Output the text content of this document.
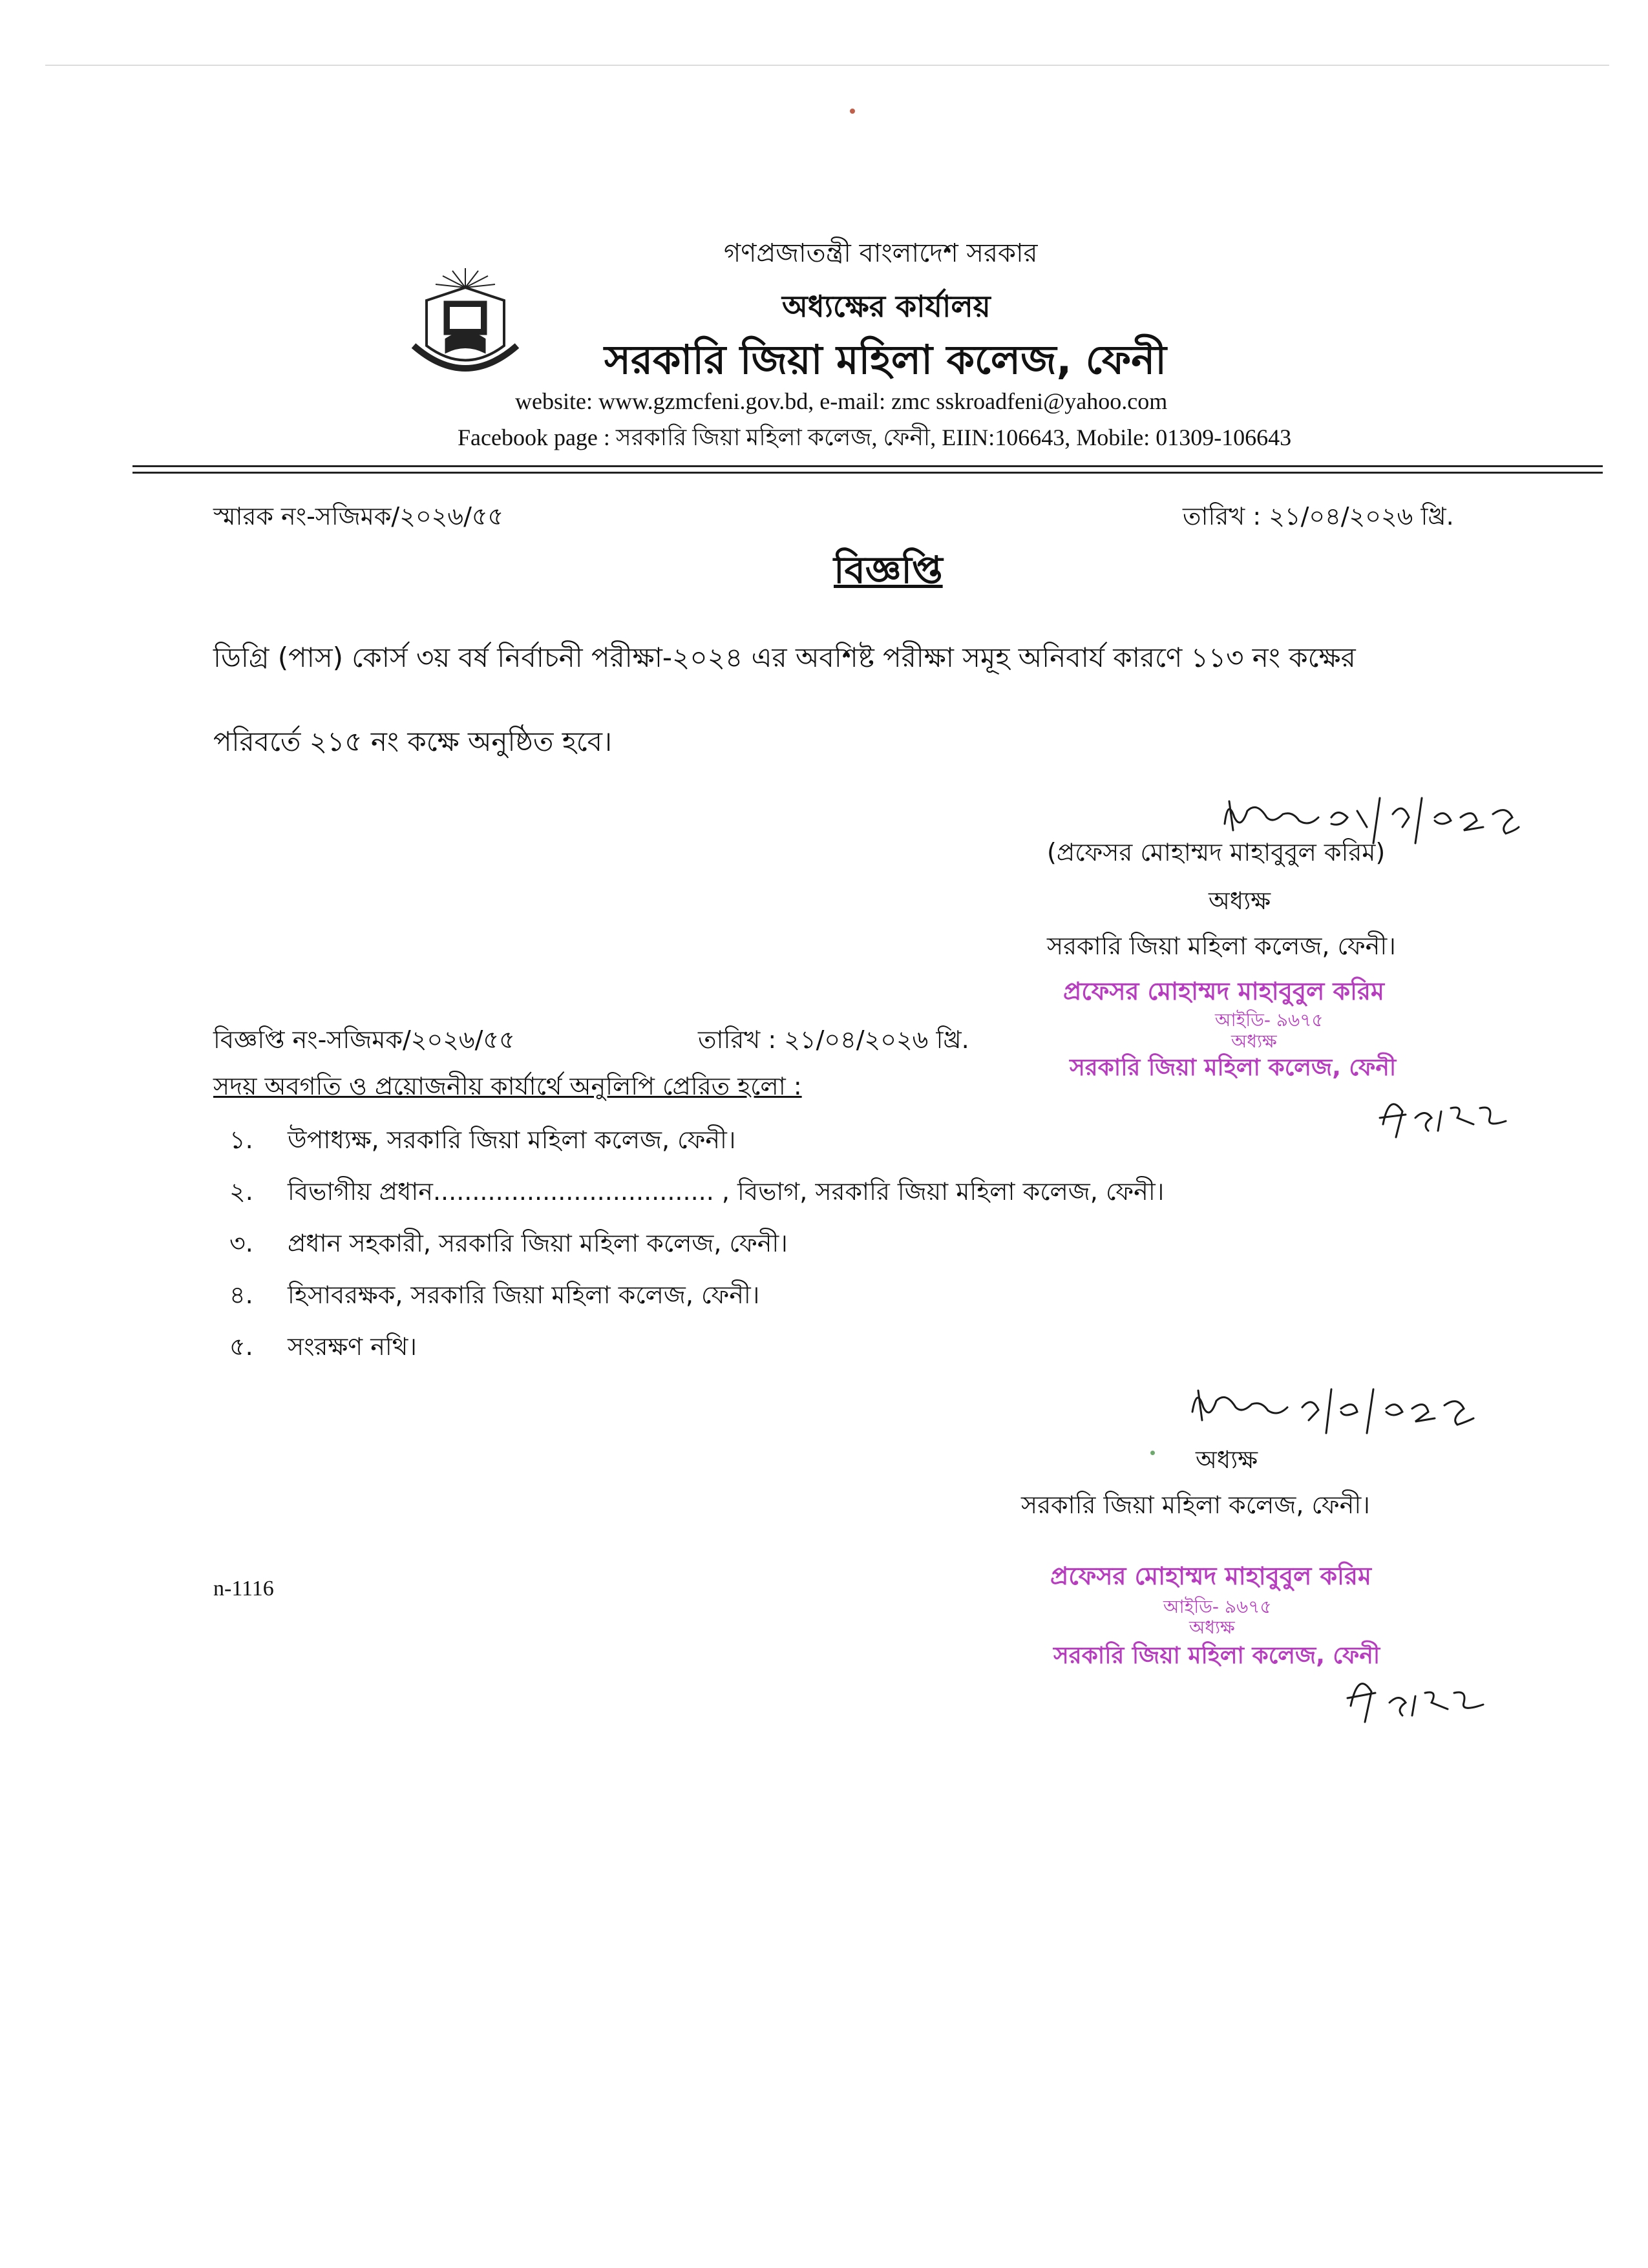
গণপ্রজাতন্ত্রী বাংলাদেশ সরকার
অধ্যক্ষের কার্যালয়
সরকারি জিয়া মহিলা কলেজ, ফেনী
website: www.gzmcfeni.gov.bd, e-mail: zmc sskroadfeni@yahoo.com
Facebook page : সরকারি জিয়া মহিলা কলেজ, ফেনী, EIIN:106643, Mobile: 01309-106643
স্মারক নং-সজিমক/২০২৬/৫৫	তারিখ : ২১/০৪/২০২৬ খ্রি.
বিজ্ঞপ্তি
ডিগ্রি (পাস) কোর্স ৩য় বর্ষ নির্বাচনী পরীক্ষা-২০২৪ এর অবশিষ্ট পরীক্ষা সমূহ অনিবার্য কারণে ১১৩ নং কক্ষের
পরিবর্তে ২১৫ নং কক্ষে অনুষ্ঠিত হবে।
(প্রফেসর মোহাম্মদ মাহাবুবুল করিম)
অধ্যক্ষ
সরকারি জিয়া মহিলা কলেজ, ফেনী।
প্রফেসর মোহাম্মদ মাহাবুবুল করিম
আইডি- ৯৬৭৫
অধ্যক্ষ
সরকারি জিয়া মহিলা কলেজ, ফেনী
বিজ্ঞপ্তি নং-সজিমক/২০২৬/৫৫	তারিখ : ২১/০৪/২০২৬ খ্রি.
সদয় অবগতি ও প্রয়োজনীয় কার্যার্থে অনুলিপি প্রেরিত হলো :
১. উপাধ্যক্ষ, সরকারি জিয়া মহিলা কলেজ, ফেনী।
২. বিভাগীয় প্রধান.................................... , বিভাগ, সরকারি জিয়া মহিলা কলেজ, ফেনী।
৩. প্রধান সহকারী, সরকারি জিয়া মহিলা কলেজ, ফেনী।
৪. হিসাবরক্ষক, সরকারি জিয়া মহিলা কলেজ, ফেনী।
৫. সংরক্ষণ নথি।
অধ্যক্ষ
সরকারি জিয়া মহিলা কলেজ, ফেনী।
প্রফেসর মোহাম্মদ মাহাবুবুল করিম
আইডি- ৯৬৭৫
অধ্যক্ষ
সরকারি জিয়া মহিলা কলেজ, ফেনী
n-1116
